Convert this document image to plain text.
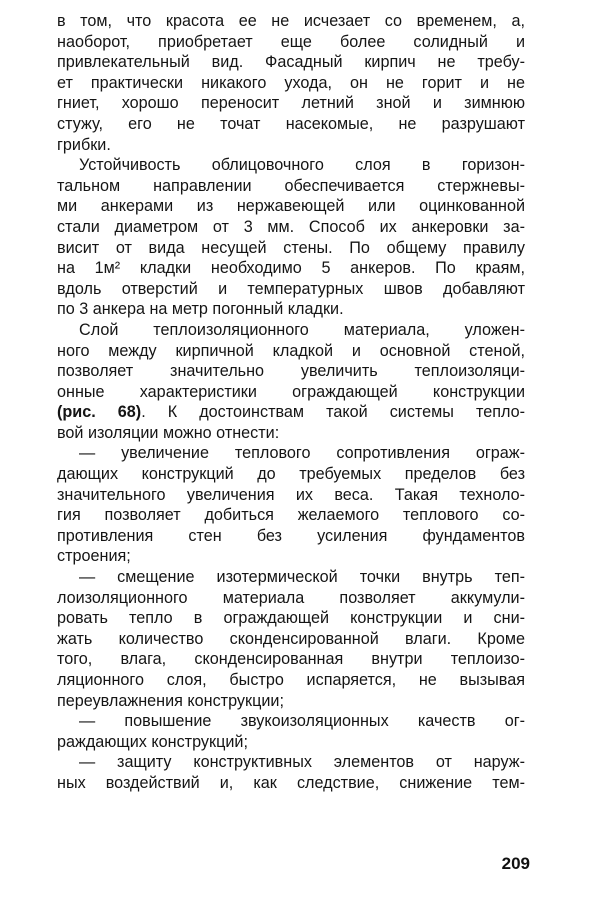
в том, что красота ее не исчезает со временем, а,
наоборот, приобретает еще более солидный и
привлекательный вид. Фасадный кирпич не требу-
ет практически никакого ухода, он не горит и не
гниет, хорошо переносит летний зной и зимнюю
стужу, его не точат насекомые, не разрушают
грибки.
Устойчивость облицовочного слоя в горизон-
тальном направлении обеспечивается стержневы-
ми анкерами из нержавеющей или оцинкованной
стали диаметром от 3 мм. Способ их анкеровки за-
висит от вида несущей стены. По общему правилу
на 1м² кладки необходимо 5 анкеров. По краям,
вдоль отверстий и температурных швов добавляют
по 3 анкера на метр погонный кладки.
Слой теплоизоляционного материала, уложен-
ного между кирпичной кладкой и основной стеной,
позволяет значительно увеличить теплоизоляци-
онные характеристики ограждающей конструкции
(рис. 68). К достоинствам такой системы тепло-
вой изоляции можно отнести:
— увеличение теплового сопротивления ограж-
дающих конструкций до требуемых пределов без
значительного увеличения их веса. Такая техноло-
гия позволяет добиться желаемого теплового со-
противления стен без усиления фундаментов
строения;
— смещение изотермической точки внутрь теп-
лоизоляционного материала позволяет аккумули-
ровать тепло в ограждающей конструкции и сни-
жать количество сконденсированной влаги. Кроме
того, влага, сконденсированная внутри теплоизо-
ляционного слоя, быстро испаряется, не вызывая
переувлажнения конструкции;
— повышение звукоизоляционных качеств ог-
раждающих конструкций;
— защиту конструктивных элементов от наруж-
ных воздействий и, как следствие, снижение тем-
209
